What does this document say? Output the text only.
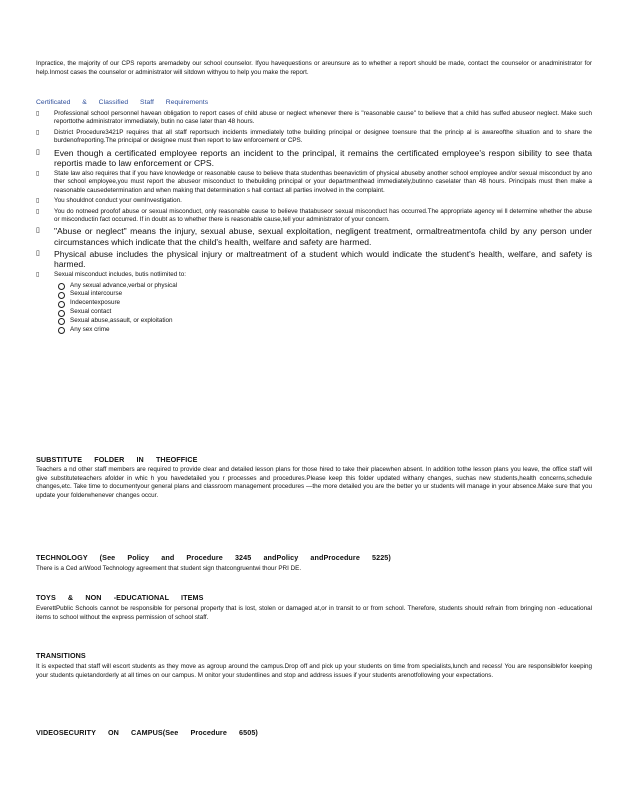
Inpractice, the majority of our CPS reports aremadeby our school counselor. Ifyou havequestions or areunsure as to whether a report should be made, contact the counselor or anadministrator for help.Inmost cases the counselor or administrator will sitdown withyou to help you make the report.

Certificated & Classified Staff Requirements
▯ Professional school personnel havean obligation to report cases of child abuse or neglect whenever there is "reasonable cause" to believe that a child has suffed abuseor neglect. Make such reporttothe administrator immediately, butin no case later than 48 hours.
▯ District Procedure3421P requires that all staff reportsuch incidents immediately tothe building principal or designee toensure that the princip al is awareofthe situation and to share the burdenofreporting.The principal or designee must then report to law enforcement or CPS.
▯ Even though a certificated employee reports an incident to the principal, it remains the certificated employee's respon sibility to see thata reportis made to law enforcement or CPS.
▯ State law also requires that if you have knowledge or reasonable cause to believe thata studenthas beenavictim of physical abuseby another school employee and/or sexual misconduct by ano ther school employee,you must report the abuseor misconduct to thebuilding principal or your departmenthead immediately,butinno caselater than 48 hours. Principals must then make a reasonable causedetermination and when making that determination s hall contact all parties involved in the complaint.
▯ You shouldnot conduct your ownInvestigation.
▯ You do notneed proofof abuse or sexual misconduct, only reasonable cause to believe thatabuseor sexual misconduct has occurred.The appropriate agency wi ll determine whether the abuse or misconductin fact occurred. If in doubt as to whether there is reasonable cause,tell your administrator of your concern.
▯ "Abuse or neglect" means the injury, sexual abuse, sexual exploitation, negligent treatment, ormaltreatmentofa child by any person under circumstances which indicate that the child's health, welfare and safety are harmed.
▯ Physical abuse includes the physical injury or maltreatment of a student which would indicate the student's health, welfare, and safety is harmed.
▯ Sexual misconduct includes, butis notlimited to:
Any sexual advance,verbal or physical
Sexual intercourse
Indecentexposure
Sexual contact
Sexual abuse,assault, or exploitation
Any sex crime
SUBSTITUTE FOLDER IN THEOFFICE

Teachers a nd other staff members are required to provide clear and detailed lesson plans for those hired to take their placewhen absent. In addition tothe lesson plans you leave, the office staff will give substituteteachers afolder in whic h you havedetailed you r processes and procedures.Please keep this folder updated withany changes, suchas new students,health concerns,schedule changes,etc. Take time to documentyour general plans and classroom management procedures —the more detailed you are the better yo ur students will manage in your absence.Make sure that you update your folderwhenever changes occur.

TECHNOLOGY (See Policy and Procedure 3245 andPolicy andProcedure 5225)

There is a Ced arWood Technology agreement that student sign thatcongruentwi thour PRI DE.

TOYS & NON -EDUCATIONAL ITEMS

EverettPublic Schools cannot be responsible for personal property that is lost, stolen or damaged at,or in transit to or from school. Therefore, students should refrain from bringing non -educational items to school without the express permission of school staff.

TRANSITIONS

It is expected that staff will escort students as they move as agroup around the campus.Drop off and pick up your students on time from specialists,lunch and recess! You are responsiblefor keeping your students quietandorderly at all times on our campus. M onitor your studentlines and stop and address issues if your students arenotfollowing your expectations.

VIDEOSECURITY ON CAMPUS(See Procedure 6505)
